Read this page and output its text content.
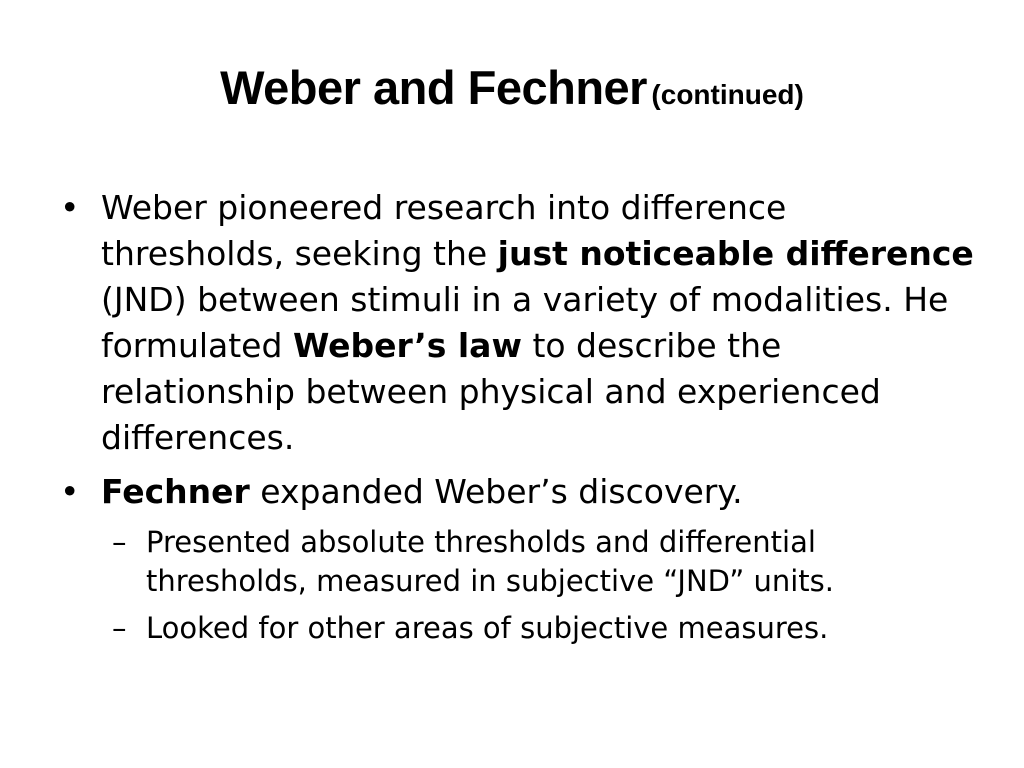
Weber and Fechner (continued)
• Weber pioneered research into difference thresholds, seeking the just noticeable difference (JND) between stimuli in a variety of modalities. He formulated Weber’s law to describe the relationship between physical and experienced differences.
• Fechner expanded Weber’s discovery.
– Presented absolute thresholds and differential thresholds, measured in subjective “JND” units.
– Looked for other areas of subjective measures.
